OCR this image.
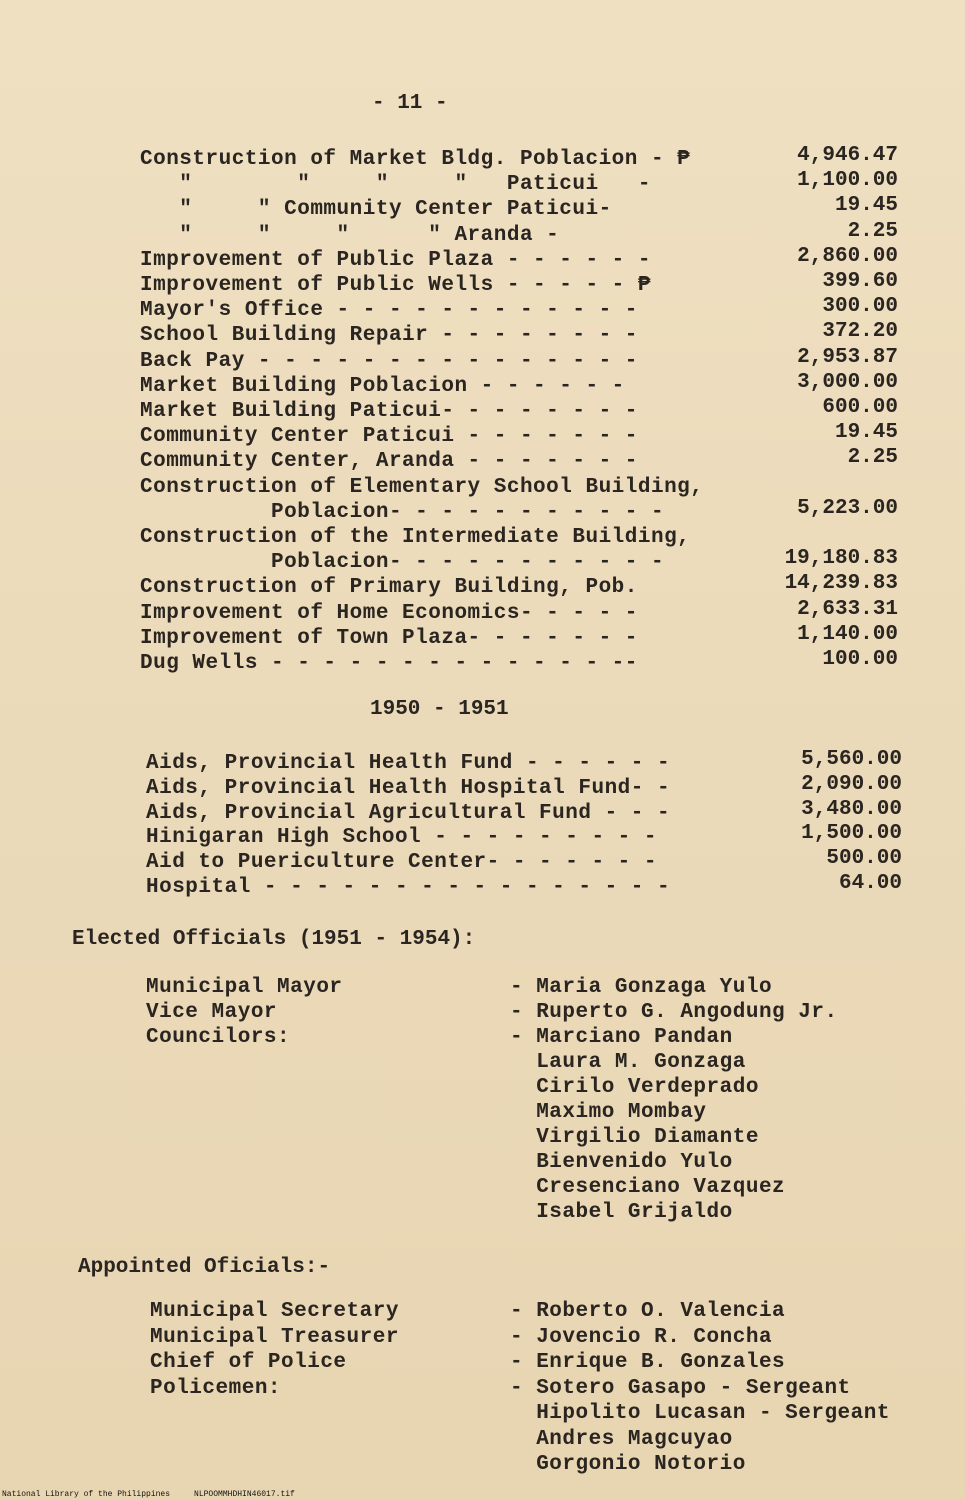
- 11 -
Construction of Market Bldg. Poblacion - ₱	4,946.47
"        "     "     "   Paticui   -	1,100.00
"     " Community Center Paticui-	19.45
"     "     "      " Aranda -	2.25
Improvement of Public Plaza - - - - - -	2,860.00
Improvement of Public Wells - - - - - ₱	399.60
Mayor's Office - - - - - - - - - - - -	300.00
School Building Repair - - - - - - - -	372.20
Back Pay - - - - - - - - - - - - - - -	2,953.87
Market Building Poblacion - - - - - -	3,000.00
Market Building Paticui- - - - - - - -	600.00
Community Center Paticui - - - - - - -	19.45
Community Center, Aranda - - - - - - -	2.25
Construction of Elementary School Building,
Poblacion- - - - - - - - - - -	5,223.00
Construction of the Intermediate Building,
Poblacion- - - - - - - - - - -	19,180.83
Construction of Primary Building, Pob.	14,239.83
Improvement of Home Economics- - - - -	2,633.31
Improvement of Town Plaza- - - - - - -	1,140.00
Dug Wells - - - - - - - - - - - - - --	100.00
1950 - 1951
Aids, Provincial Health Fund - - - - - -	5,560.00
Aids, Provincial Health Hospital Fund- -	2,090.00
Aids, Provincial Agricultural Fund - - -	3,480.00
Hinigaran High School - - - - - - - - -	1,500.00
Aid to Puericulture Center- - - - - - -	500.00
Hospital - - - - - - - - - - - - - - - -	64.00
Elected Officials (1951 - 1954):
Municipal Mayor	- Maria Gonzaga Yulo
Vice Mayor	- Ruperto G. Angodung Jr.
Councilors:	- Marciano Pandan
Laura M. Gonzaga
Cirilo Verdeprado
Maximo Mombay
Virgilio Diamante
Bienvenido Yulo
Cresenciano Vazquez
Isabel Grijaldo
Appointed Oficials:-
Municipal Secretary	- Roberto O. Valencia
Municipal Treasurer	- Jovencio R. Concha
Chief of Police	- Enrique B. Gonzales
Policemen:	- Sotero Gasapo - Sergeant
Hipolito Lucasan - Sergeant
Andres Magcuyao
Gorgonio Notorio
National Library of the Philippines     NLPOOMMHDHIN46017.tif
